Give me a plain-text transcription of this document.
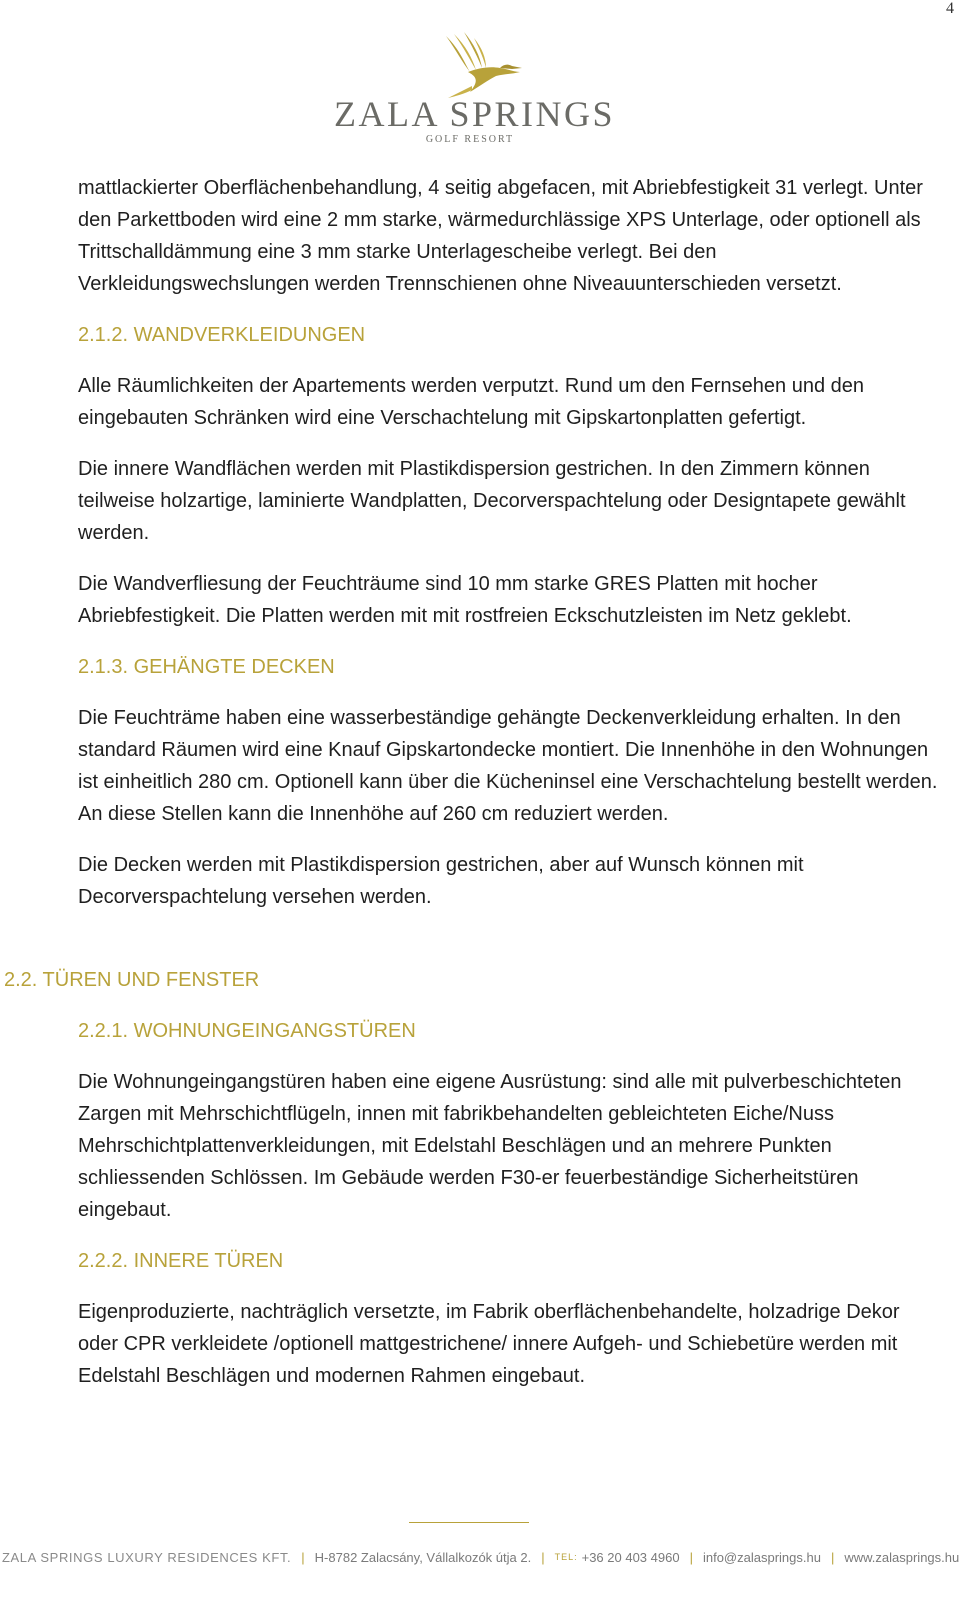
4
ZALA SPRINGS
GOLF RESORT

mattlackierter Oberflächenbehandlung, 4 seitig abgefacen, mit Abriebfestigkeit 31 verlegt. Unter den Parkettboden wird eine 2 mm starke, wärmedurchlässige XPS Unterlage, oder optionell als Trittschalldämmung eine 3 mm starke Unterlagescheibe verlegt. Bei den Verkleidungswechslungen werden Trennschienen ohne Niveauunterschieden versetzt.

2.1.2. WANDVERKLEIDUNGEN

Alle Räumlichkeiten der Apartements werden verputzt. Rund um den Fernsehen und den eingebauten Schränken wird eine Verschachtelung mit Gipskartonplatten gefertigt.

Die innere Wandflächen werden mit Plastikdispersion gestrichen. In den Zimmern können teilweise holzartige, laminierte Wandplatten, Decorverspachtelung oder Designtapete gewählt werden.

Die Wandverfliesung der Feuchträume sind 10 mm starke GRES Platten mit hocher Abriebfestigkeit. Die Platten werden mit mit rostfreien Eckschutzleisten im Netz geklebt.

2.1.3. GEHÄNGTE DECKEN

Die Feuchträme haben eine wasserbeständige gehängte Deckenverkleidung erhalten. In den standard Räumen wird eine Knauf Gipskartondecke montiert. Die Innenhöhe in den Wohnungen ist einheitlich 280 cm. Optionell kann über die Kücheninsel eine Verschachtelung bestellt werden. An diese Stellen kann die Innenhöhe auf 260 cm reduziert werden.

Die Decken werden mit Plastikdispersion gestrichen, aber auf Wunsch können mit Decorverspachtelung versehen werden.

2.2. TÜREN UND FENSTER
2.2.1. WOHNUNGEINGANGSTÜREN

Die Wohnungeingangstüren haben eine eigene Ausrüstung: sind alle mit pulverbeschichteten Zargen mit Mehrschichtflügeln, innen mit fabrikbehandelten gebleichteten Eiche/Nuss Mehrschichtplattenverkleidungen, mit Edelstahl Beschlägen und an mehrere Punkten schliessenden Schlössen. Im Gebäude werden F30-er feuerbeständige Sicherheitstüren eingebaut.

2.2.2. INNERE TÜREN

Eigenproduzierte, nachträglich versetzte, im Fabrik oberflächenbehandelte, holzadrige Dekor oder CPR verkleidete /optionell mattgestrichene/ innere Aufgeh- und Schiebetüre werden mit Edelstahl Beschlägen und modernen Rahmen eingebaut.

ZALA SPRINGS LUXURY RESIDENCES KFT. | H-8782 Zalacsány, Vállalkozók útja 2. | TEL: +36 20 403 4960 | info@zalasprings.hu | www.zalasprings.hu
